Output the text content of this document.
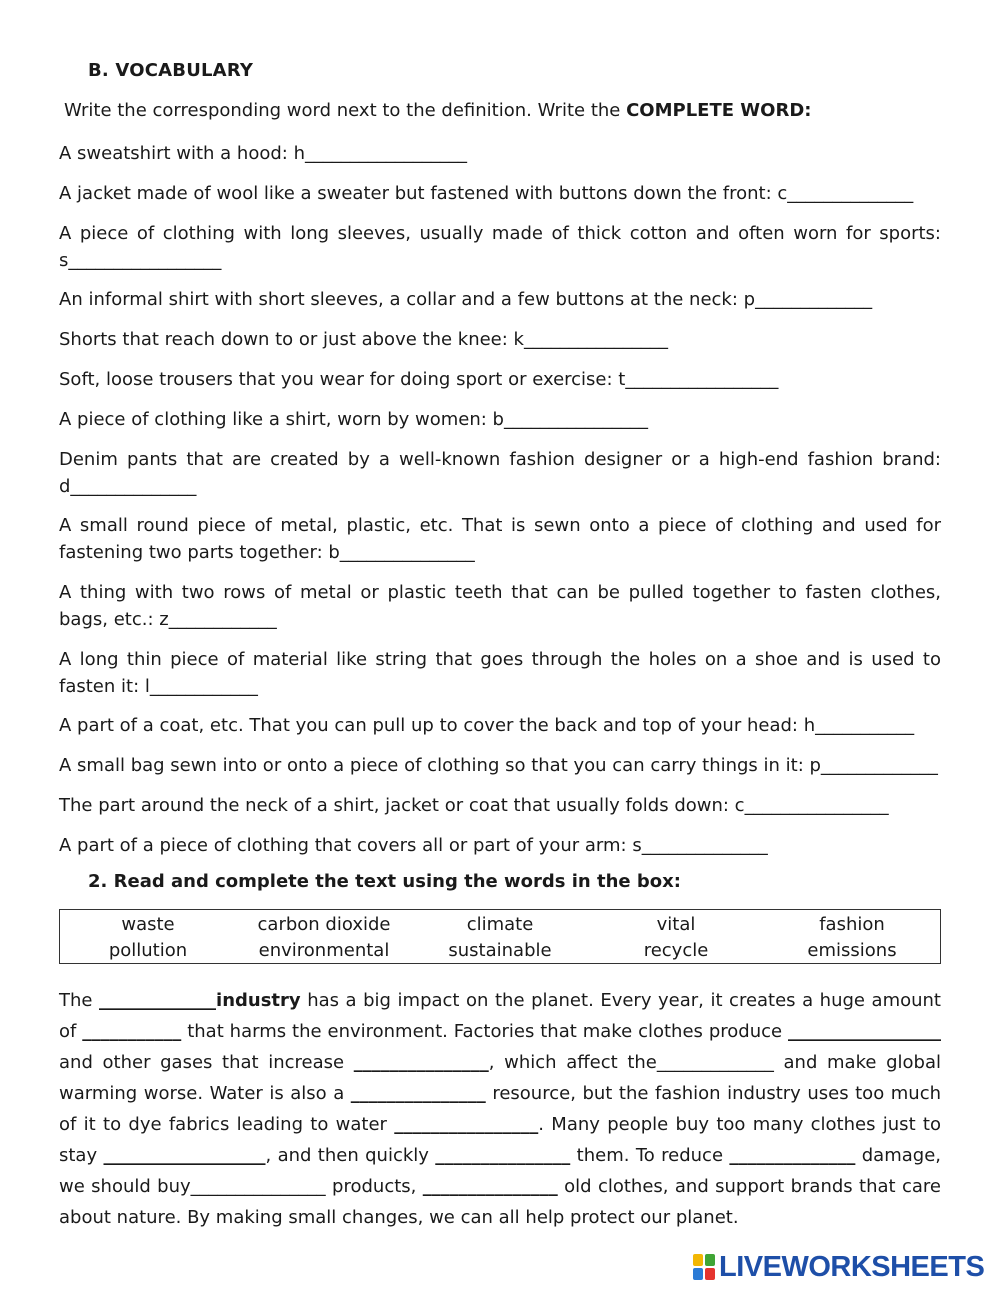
B. VOCABULARY
Write the corresponding word next to the definition. Write the COMPLETE WORD:

A sweatshirt with a hood: h__________________

A jacket made of wool like a sweater but fastened with buttons down the front: c______________

A piece of clothing with long sleeves, usually made of thick cotton and often worn for sports: s_________________

An informal shirt with short sleeves, a collar and a few buttons at the neck: p_____________

Shorts that reach down to or just above the knee: k________________

Soft, loose trousers that you wear for doing sport or exercise: t_________________

A piece of clothing like a shirt, worn by women: b________________

Denim pants that are created by a well-known fashion designer or a high-end fashion brand: d______________

A small round piece of metal, plastic, etc. That is sewn onto a piece of clothing and used for fastening two parts together: b_______________

A thing with two rows of metal or plastic teeth that can be pulled together to fasten clothes, bags, etc.: z____________

A long thin piece of material like string that goes through the holes on a shoe and is used to fasten it: l____________

A part of a coat, etc. That you can pull up to cover the back and top of your head: h___________

A small bag sewn into or onto a piece of clothing so that you can carry things in it: p_____________

The part around the neck of a shirt, jacket or coat that usually folds down: c________________

A part of a piece of clothing that covers all or part of your arm: s______________

2. Read and complete the text using the words in the box:
waste	carbon dioxide	climate	vital	fashion
pollution	environmental	sustainable	recycle	emissions

The _____________industry has a big impact on the planet. Every year, it creates a huge amount of ___________ that harms the environment. Factories that make clothes produce _________________ and other gases that increase _______________, which affect the_____________ and make global warming worse. Water is also a _______________ resource, but the fashion industry uses too much of it to dye fabrics leading to water ________________. Many people buy too many clothes just to stay __________________, and then quickly _______________ them. To reduce ______________ damage, we should buy_______________ products, _______________ old clothes, and support brands that care about nature. By making small changes, we can all help protect our planet.

LIVEWORKSHEETS
